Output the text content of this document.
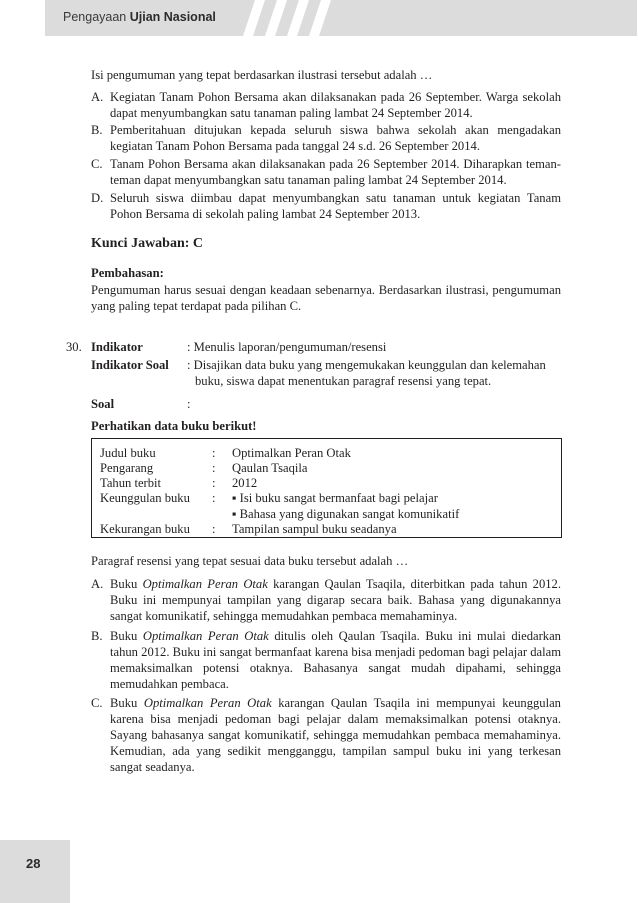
Pengayaan Ujian Nasional
Isi pengumuman yang tepat berdasarkan ilustrasi tersebut adalah …
A. Kegiatan Tanam Pohon Bersama akan dilaksanakan pada 26 September. Warga sekolah dapat menyumbangkan satu tanaman paling lambat 24 September 2014.
B. Pemberitahuan ditujukan kepada seluruh siswa bahwa sekolah akan mengadakan kegiatan Tanam Pohon Bersama pada tanggal 24 s.d. 26 September 2014.
C. Tanam Pohon Bersama akan dilaksanakan pada 26 September 2014. Diharapkan teman-teman dapat menyumbangkan satu tanaman paling lambat 24 September 2014.
D. Seluruh siswa diimbau dapat menyumbangkan satu tanaman untuk kegiatan Tanam Pohon Bersama di sekolah paling lambat 24 September 2013.
Kunci Jawaban: C
Pembahasan:
Pengumuman harus sesuai dengan keadaan sebenarnya. Berdasarkan ilustrasi, pengumuman yang paling tepat terdapat pada pilihan C.
30. Indikator	: Menulis laporan/pengumuman/resensi
Indikator Soal	: Disajikan data buku yang mengemukakan keunggulan dan kelemahan buku, siswa dapat menentukan paragraf resensi yang tepat.
Soal	:
Perhatikan data buku berikut!
Judul buku	:	Optimalkan Peran Otak
Pengarang	:	Qaulan Tsaqila
Tahun terbit	:	2012
Keunggulan buku	:	▪ Isi buku sangat bermanfaat bagi pelajar
▪ Bahasa yang digunakan sangat komunikatif
Kekurangan buku	:	Tampilan sampul buku seadanya
Paragraf resensi yang tepat sesuai data buku tersebut adalah …
A. Buku Optimalkan Peran Otak karangan Qaulan Tsaqila, diterbitkan pada tahun 2012. Buku ini mempunyai tampilan yang digarap secara baik. Bahasa yang digunakannya sangat komunikatif, sehingga memudahkan pembaca memahaminya.
B. Buku Optimalkan Peran Otak ditulis oleh Qaulan Tsaqila. Buku ini mulai diedarkan tahun 2012. Buku ini sangat bermanfaat karena bisa menjadi pedoman bagi pelajar dalam memaksimalkan potensi otaknya. Bahasanya sangat mudah dipahami, sehingga memudahkan pembaca.
C. Buku Optimalkan Peran Otak karangan Qaulan Tsaqila ini mempunyai keunggulan karena bisa menjadi pedoman bagi pelajar dalam memaksimalkan potensi otaknya. Sayang bahasanya sangat komunikatif, sehingga memudahkan pembaca memahaminya. Kemudian, ada yang sedikit mengganggu, tampilan sampul buku ini yang terkesan sangat seadanya.
28
